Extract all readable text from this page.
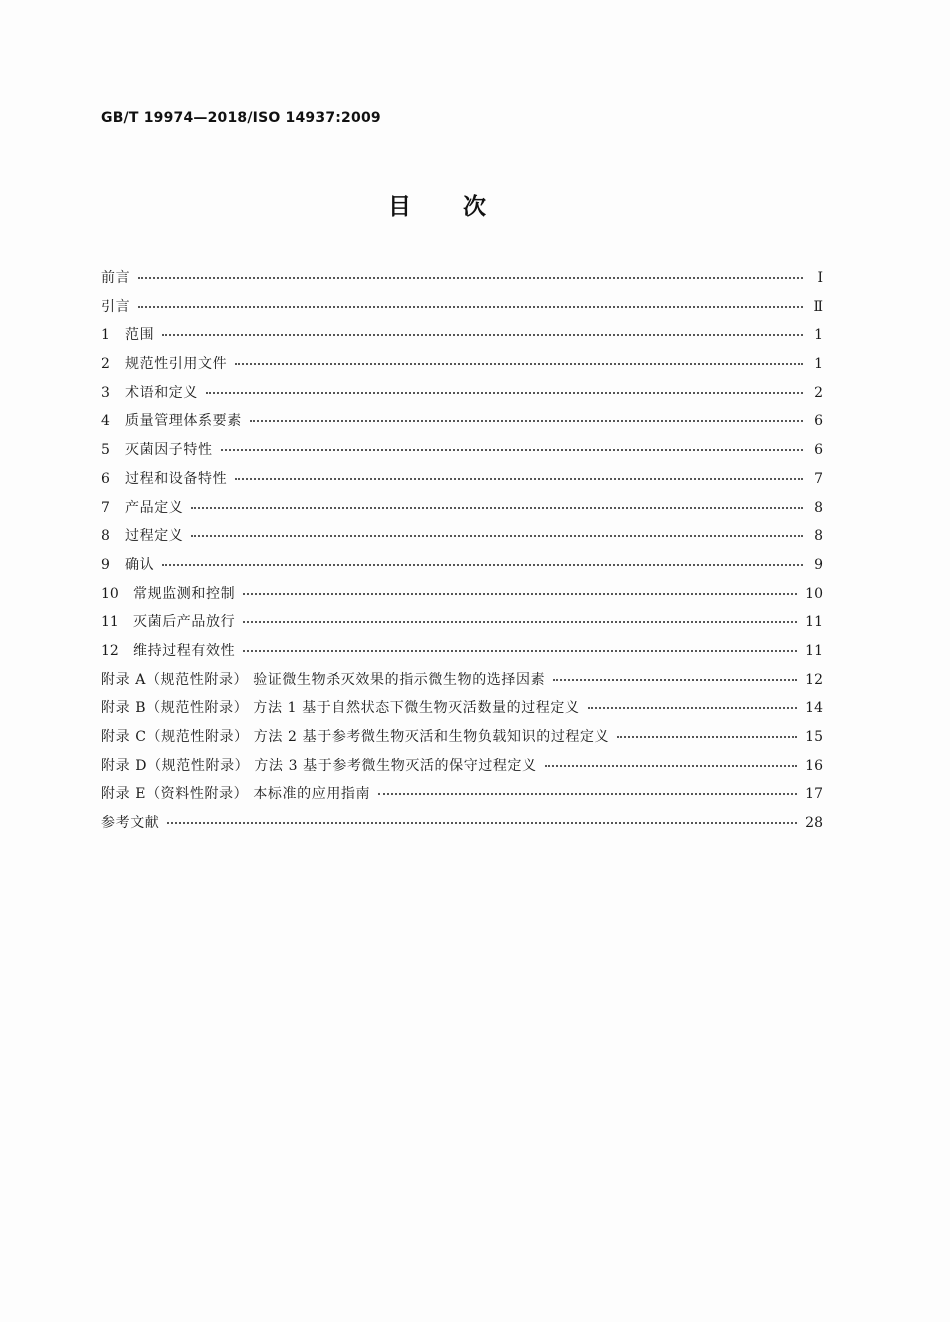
GB/T 19974—2018/ISO 14937:2009
目次
前言	Ⅰ
引言	Ⅱ
1	范围	1
2	规范性引用文件	1
3	术语和定义	2
4	质量管理体系要素	6
5	灭菌因子特性	6
6	过程和设备特性	7
7	产品定义	8
8	过程定义	8
9	确认	9
10	常规监测和控制	10
11	灭菌后产品放行	11
12	维持过程有效性	11
附录 A（规范性附录） 验证微生物杀灭效果的指示微生物的选择因素	12
附录 B（规范性附录） 方法 1 基于自然状态下微生物灭活数量的过程定义	14
附录 C（规范性附录） 方法 2 基于参考微生物灭活和生物负载知识的过程定义	15
附录 D（规范性附录） 方法 3 基于参考微生物灭活的保守过程定义	16
附录 E（资料性附录） 本标准的应用指南	17
参考文献	28
